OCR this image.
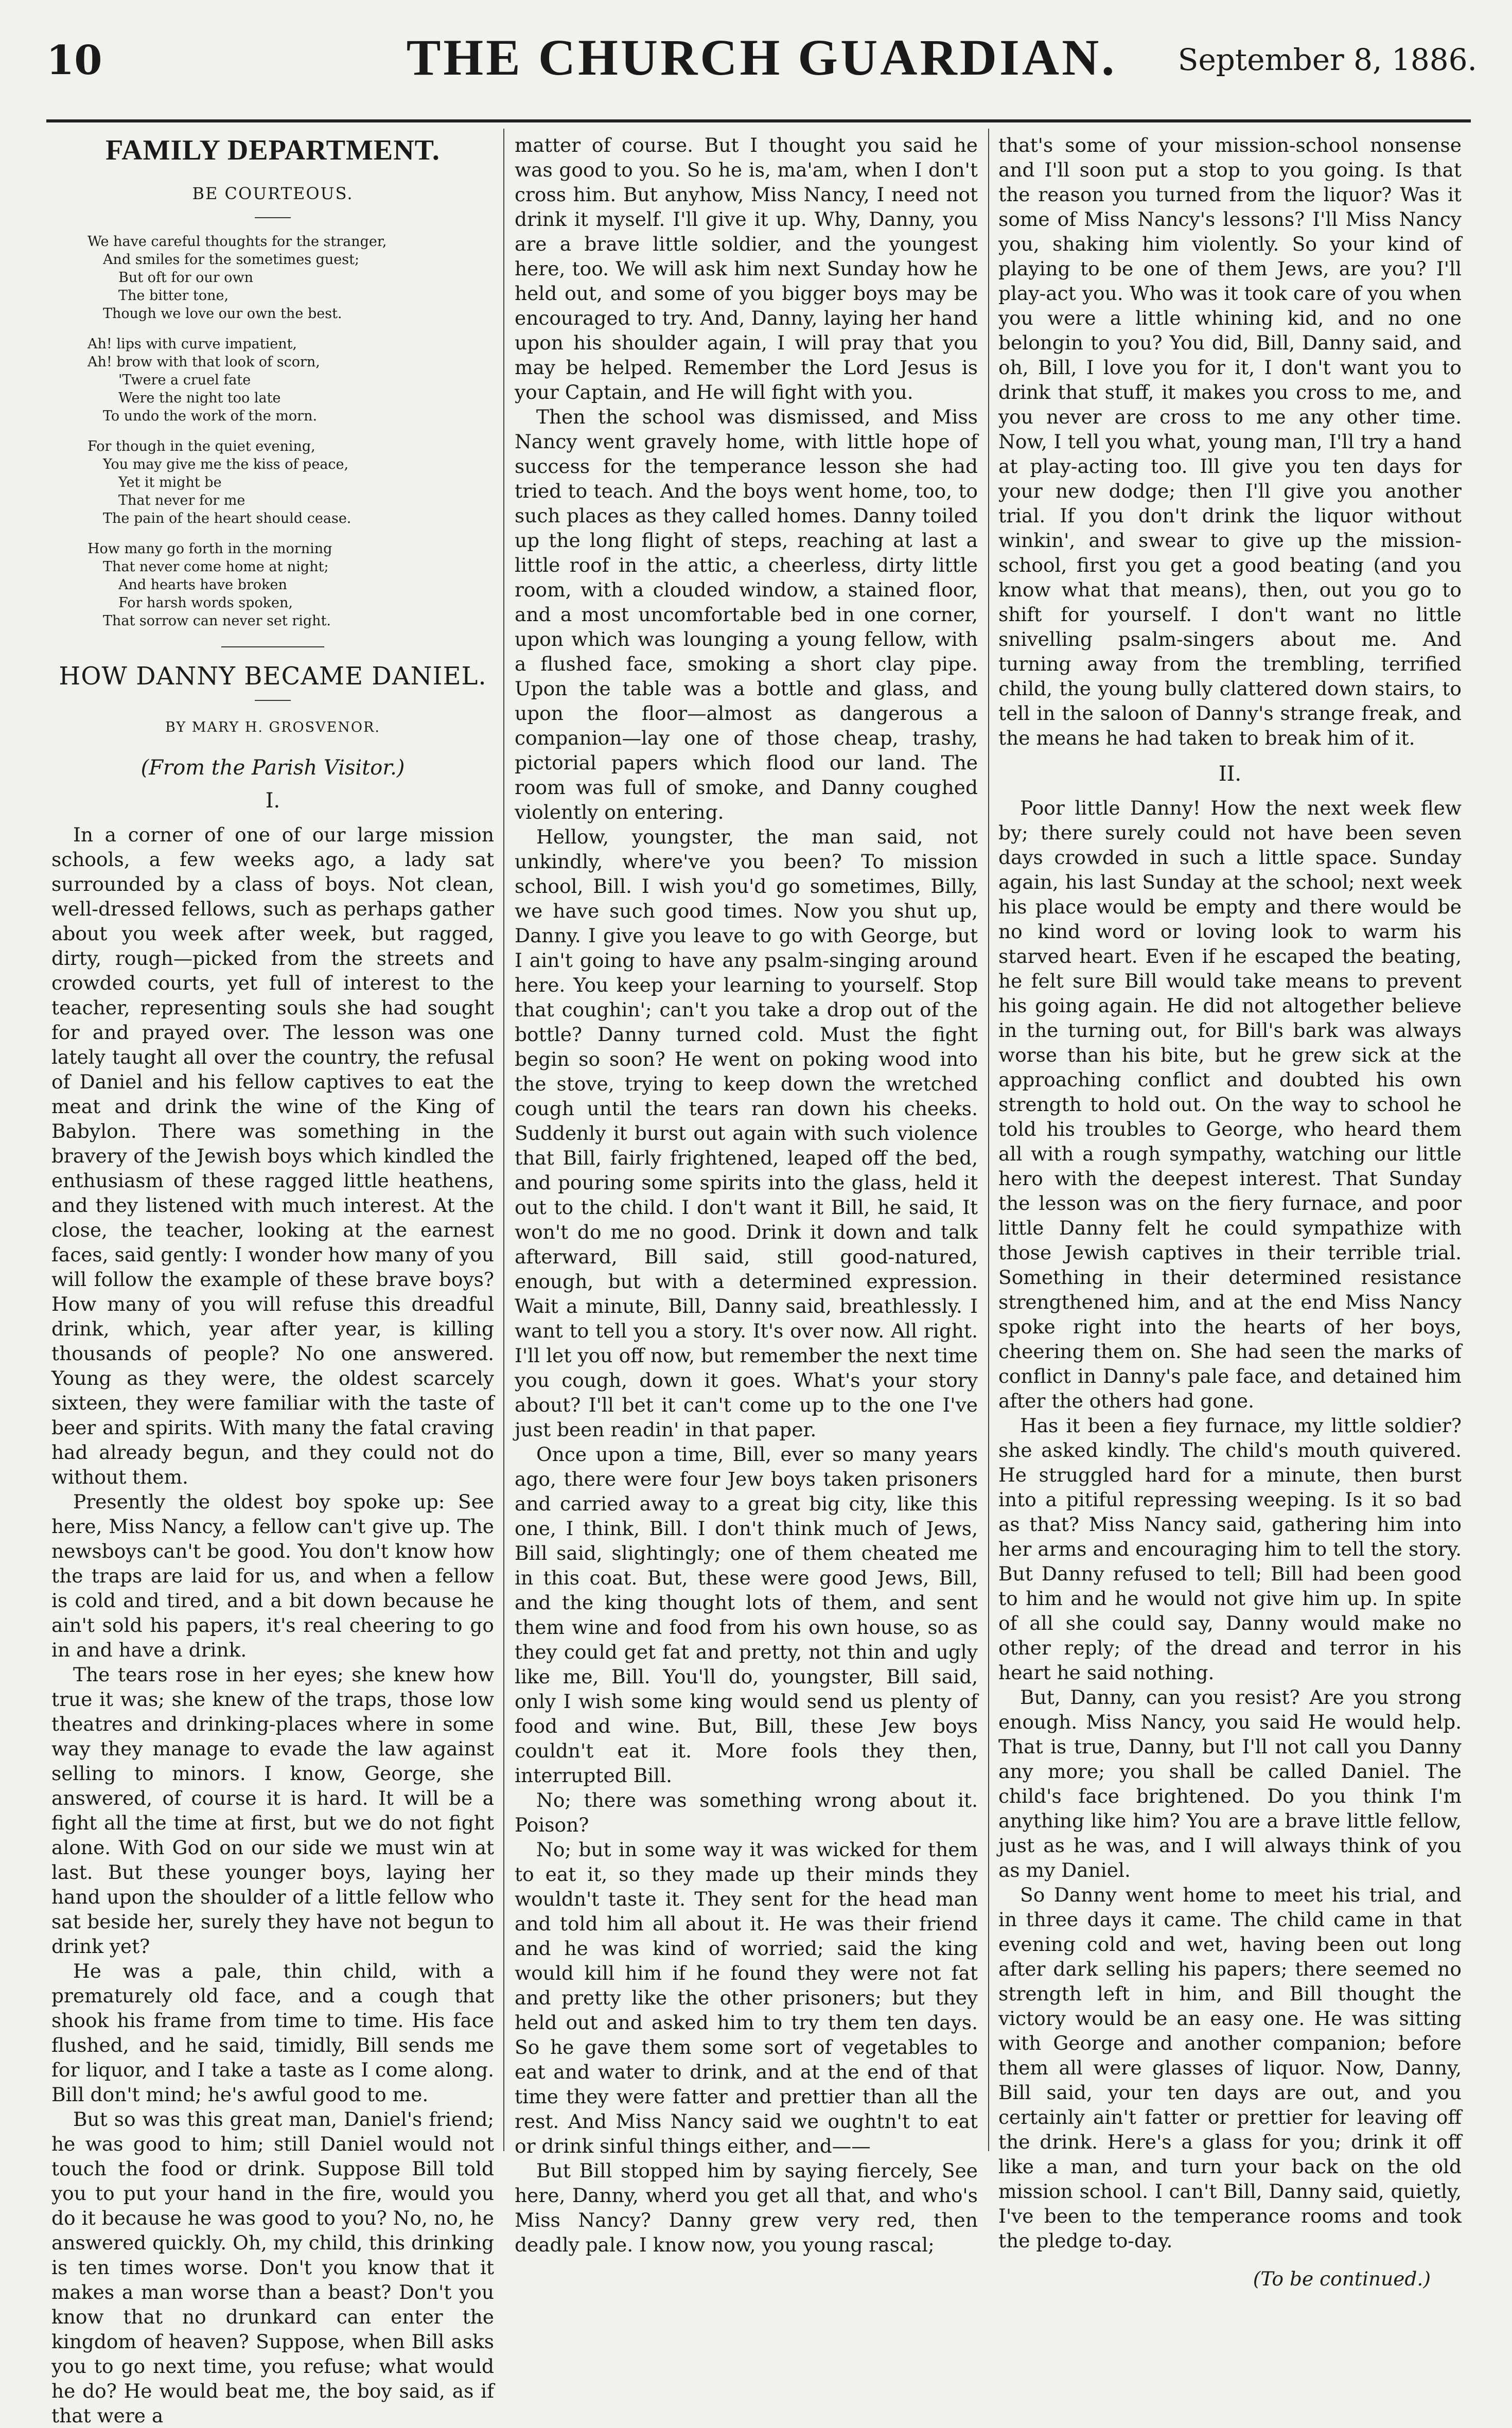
10	THE CHURCH GUARDIAN.	September 8, 1886.
FAMILY DEPARTMENT.
BE COURTEOUS.
We have careful thoughts for the stranger,
And smiles for the sometimes guest;
But oft for our own
The bitter tone,
Though we love our own the best.
Ah! lips with curve impatient,
Ah! brow with that look of scorn,
'Twere a cruel fate
Were the night too late
To undo the work of the morn.
For though in the quiet evening,
You may give me the kiss of peace,
Yet it might be
That never for me
The pain of the heart should cease.
How many go forth in the morning
That never come home at night;
And hearts have broken
For harsh words spoken,
That sorrow can never set right.
HOW DANNY BECAME DANIEL.
BY MARY H. GROSVENOR.
(From the Parish Visitor.)
I.

In a corner of one of our large mission schools, a few weeks ago, a lady sat surrounded by a class of boys. Not clean, well-dressed fellows, such as perhaps gather about you week after week, but ragged, dirty, rough—picked from the streets and crowded courts, yet full of interest to the teacher, representing souls she had sought for and prayed over. The lesson was one lately taught all over the country, the refusal of Daniel and his fellow captives to eat the meat and drink the wine of the King of Babylon. There was something in the bravery of the Jewish boys which kindled the enthusiasm of these ragged little heathens, and they listened with much interest. At the close, the teacher, looking at the earnest faces, said gently: I wonder how many of you will follow the example of these brave boys? How many of you will refuse this dreadful drink, which, year after year, is killing thousands of people? No one answered. Young as they were, the oldest scarcely sixteen, they were familiar with the taste of beer and spirits. With many the fatal craving had already begun, and they could not do without them.

Presently the oldest boy spoke up: See here, Miss Nancy, a fellow can't give up. The newsboys can't be good. You don't know how the traps are laid for us, and when a fellow is cold and tired, and a bit down because he ain't sold his papers, it's real cheering to go in and have a drink.

The tears rose in her eyes; she knew how true it was; she knew of the traps, those low theatres and drinking-places where in some way they manage to evade the law against selling to minors. I know, George, she answered, of course it is hard. It will be a fight all the time at first, but we do not fight alone. With God on our side we must win at last. But these younger boys, laying her hand upon the shoulder of a little fellow who sat beside her, surely they have not begun to drink yet?

He was a pale, thin child, with a prematurely old face, and a cough that shook his frame from time to time. His face flushed, and he said, timidly, Bill sends me for liquor, and I take a taste as I come along. Bill don't mind; he's awful good to me.

But so was this great man, Daniel's friend; he was good to him; still Daniel would not touch the food or drink. Suppose Bill told you to put your hand in the fire, would you do it because he was good to you? No, no, he answered quickly. Oh, my child, this drinking is ten times worse. Don't you know that it makes a man worse than a beast? Don't you know that no drunkard can enter the kingdom of heaven? Suppose, when Bill asks you to go next time, you refuse; what would he do? He would beat me, the boy said, as if that were a

matter of course. But I thought you said he was good to you. So he is, ma'am, when I don't cross him. But anyhow, Miss Nancy, I need not drink it myself. I'll give it up. Why, Danny, you are a brave little soldier, and the youngest here, too. We will ask him next Sunday how he held out, and some of you bigger boys may be encouraged to try. And, Danny, laying her hand upon his shoulder again, I will pray that you may be helped. Remember the Lord Jesus is your Captain, and He will fight with you.

Then the school was dismissed, and Miss Nancy went gravely home, with little hope of success for the temperance lesson she had tried to teach. And the boys went home, too, to such places as they called homes. Danny toiled up the long flight of steps, reaching at last a little roof in the attic, a cheerless, dirty little room, with a clouded window, a stained floor, and a most uncomfortable bed in one corner, upon which was lounging a young fellow, with a flushed face, smoking a short clay pipe. Upon the table was a bottle and glass, and upon the floor—almost as dangerous a companion—lay one of those cheap, trashy, pictorial papers which flood our land. The room was full of smoke, and Danny coughed violently on entering.

Hellow, youngster, the man said, not unkindly, where've you been? To mission school, Bill. I wish you'd go sometimes, Billy, we have such good times. Now you shut up, Danny. I give you leave to go with George, but I ain't going to have any psalm-singing around here. You keep your learning to yourself. Stop that coughin'; can't you take a drop out of the bottle? Danny turned cold. Must the fight begin so soon? He went on poking wood into the stove, trying to keep down the wretched cough until the tears ran down his cheeks. Suddenly it burst out again with such violence that Bill, fairly frightened, leaped off the bed, and pouring some spirits into the glass, held it out to the child. I don't want it Bill, he said, It won't do me no good. Drink it down and talk afterward, Bill said, still good-natured, enough, but with a determined expression. Wait a minute, Bill, Danny said, breathlessly. I want to tell you a story. It's over now. All right. I'll let you off now, but remember the next time you cough, down it goes. What's your story about? I'll bet it can't come up to the one I've just been readin' in that paper.

Once upon a time, Bill, ever so many years ago, there were four Jew boys taken prisoners and carried away to a great big city, like this one, I think, Bill. I don't think much of Jews, Bill said, slightingly; one of them cheated me in this coat. But, these were good Jews, Bill, and the king thought lots of them, and sent them wine and food from his own house, so as they could get fat and pretty, not thin and ugly like me, Bill. You'll do, youngster, Bill said, only I wish some king would send us plenty of food and wine. But, Bill, these Jew boys couldn't eat it. More fools they then, interrupted Bill.

No; there was something wrong about it. Poison?

No; but in some way it was wicked for them to eat it, so they made up their minds they wouldn't taste it. They sent for the head man and told him all about it. He was their friend and he was kind of worried; said the king would kill him if he found they were not fat and pretty like the other prisoners; but they held out and asked him to try them ten days. So he gave them some sort of vegetables to eat and water to drink, and at the end of that time they were fatter and prettier than all the rest. And Miss Nancy said we oughtn't to eat or drink sinful things either, and——

But Bill stopped him by saying fiercely, See here, Danny, wherd you get all that, and who's Miss Nancy? Danny grew very red, then deadly pale. I know now, you young rascal;

that's some of your mission-school nonsense and I'll soon put a stop to you going. Is that the reason you turned from the liquor? Was it some of Miss Nancy's lessons? I'll Miss Nancy you, shaking him violently. So your kind of playing to be one of them Jews, are you? I'll play-act you. Who was it took care of you when you were a little whining kid, and no one belongin to you? You did, Bill, Danny said, and oh, Bill, I love you for it, I don't want you to drink that stuff, it makes you cross to me, and you never are cross to me any other time. Now, I tell you what, young man, I'll try a hand at play-acting too. Ill give you ten days for your new dodge; then I'll give you another trial. If you don't drink the liquor without winkin', and swear to give up the mission-school, first you get a good beating (and you know what that means), then, out you go to shift for yourself. I don't want no little snivelling psalm-singers about me. And turning away from the trembling, terrified child, the young bully clattered down stairs, to tell in the saloon of Danny's strange freak, and the means he had taken to break him of it.

II.

Poor little Danny! How the next week flew by; there surely could not have been seven days crowded in such a little space. Sunday again, his last Sunday at the school; next week his place would be empty and there would be no kind word or loving look to warm his starved heart. Even if he escaped the beating, he felt sure Bill would take means to prevent his going again. He did not altogether believe in the turning out, for Bill's bark was always worse than his bite, but he grew sick at the approaching conflict and doubted his own strength to hold out. On the way to school he told his troubles to George, who heard them all with a rough sympathy, watching our little hero with the deepest interest. That Sunday the lesson was on the fiery furnace, and poor little Danny felt he could sympathize with those Jewish captives in their terrible trial. Something in their determined resistance strengthened him, and at the end Miss Nancy spoke right into the hearts of her boys, cheering them on. She had seen the marks of conflict in Danny's pale face, and detained him after the others had gone.

Has it been a fiey furnace, my little soldier? she asked kindly. The child's mouth quivered. He struggled hard for a minute, then burst into a pitiful repressing weeping. Is it so bad as that? Miss Nancy said, gathering him into her arms and encouraging him to tell the story. But Danny refused to tell; Bill had been good to him and he would not give him up. In spite of all she could say, Danny would make no other reply; of the dread and terror in his heart he said nothing.

But, Danny, can you resist? Are you strong enough. Miss Nancy, you said He would help. That is true, Danny, but I'll not call you Danny any more; you shall be called Daniel. The child's face brightened. Do you think I'm anything like him? You are a brave little fellow, just as he was, and I will always think of you as my Daniel.

So Danny went home to meet his trial, and in three days it came. The child came in that evening cold and wet, having been out long after dark selling his papers; there seemed no strength left in him, and Bill thought the victory would be an easy one. He was sitting with George and another companion; before them all were glasses of liquor. Now, Danny, Bill said, your ten days are out, and you certainly ain't fatter or prettier for leaving off the drink. Here's a glass for you; drink it off like a man, and turn your back on the old mission school. I can't Bill, Danny said, quietly, I've been to the temperance rooms and took the pledge to-day.

(To be continued.)
